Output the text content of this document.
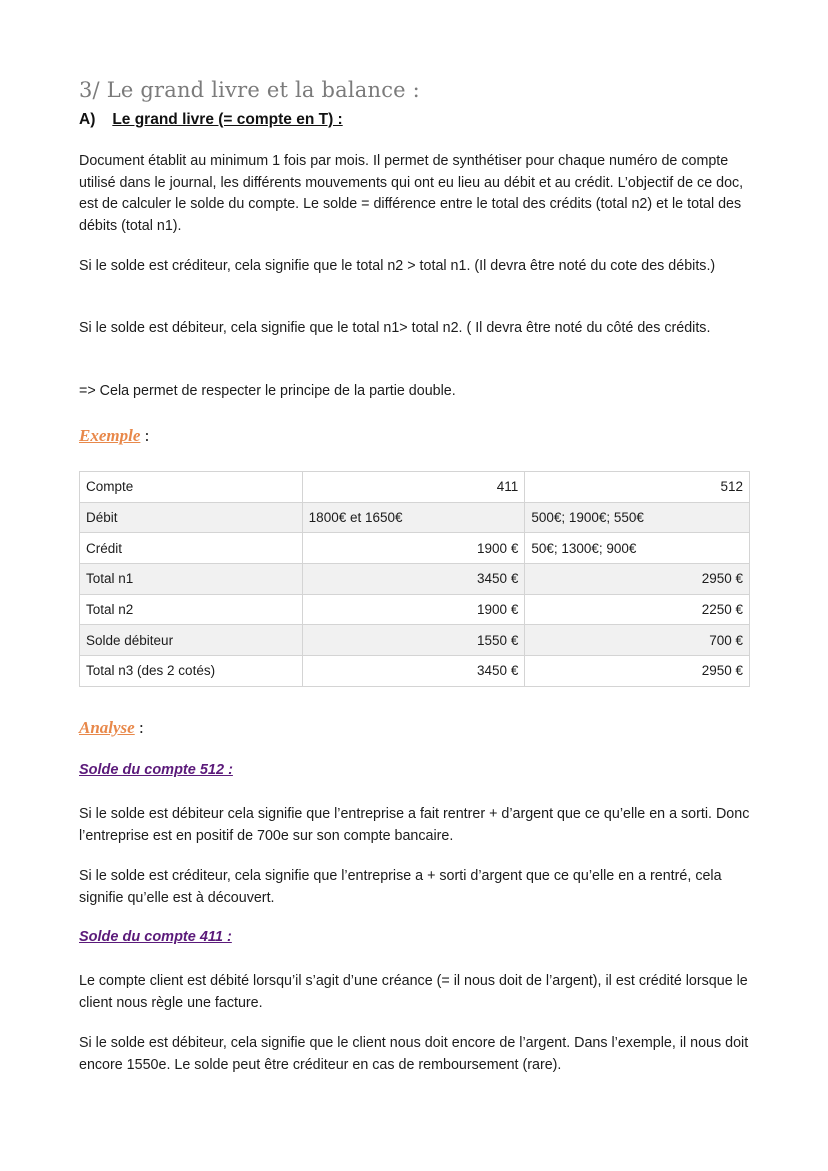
3/ Le grand livre et la balance :
A) Le grand livre (= compte en T) :
Document établit au minimum 1 fois par mois. Il permet de synthétiser pour chaque numéro de compte utilisé dans le journal, les différents mouvements qui ont eu lieu au débit et au crédit. L’objectif de ce doc, est de calculer le solde du compte. Le solde = différence entre le total des crédits (total n2) et le total des débits (total n1).
Si le solde est créditeur, cela signifie que le total n2 > total n1. (Il devra être noté du cote des débits.)
Si le solde est débiteur, cela signifie que le total n1> total n2. ( Il devra être noté du côté des crédits.
=> Cela permet de respecter le principe de la partie double.
Exemple :
Compte	411	512
Débit	1800€ et 1650€	500€; 1900€; 550€
Crédit	1900 €	50€; 1300€; 900€
Total n1	3450 €	2950 €
Total n2	1900 €	2250 €
Solde débiteur	1550 €	700 €
Total n3 (des 2 cotés)	3450 €	2950 €
Analyse :
Solde du compte 512 :
Si le solde est débiteur cela signifie que l’entreprise a fait rentrer + d’argent que ce qu’elle en a sorti. Donc l’entreprise est en positif de 700e sur son compte bancaire.
Si le solde est créditeur, cela signifie que l’entreprise a + sorti d’argent que ce qu’elle en a rentré, cela signifie qu’elle est à découvert.
Solde du compte 411 :
Le compte client est débité lorsqu’il s’agit d’une créance (= il nous doit de l’argent), il est crédité lorsque le client nous règle une facture.
Si le solde est débiteur, cela signifie que le client nous doit encore de l’argent. Dans l’exemple, il nous doit encore 1550e. Le solde peut être créditeur en cas de remboursement (rare).
